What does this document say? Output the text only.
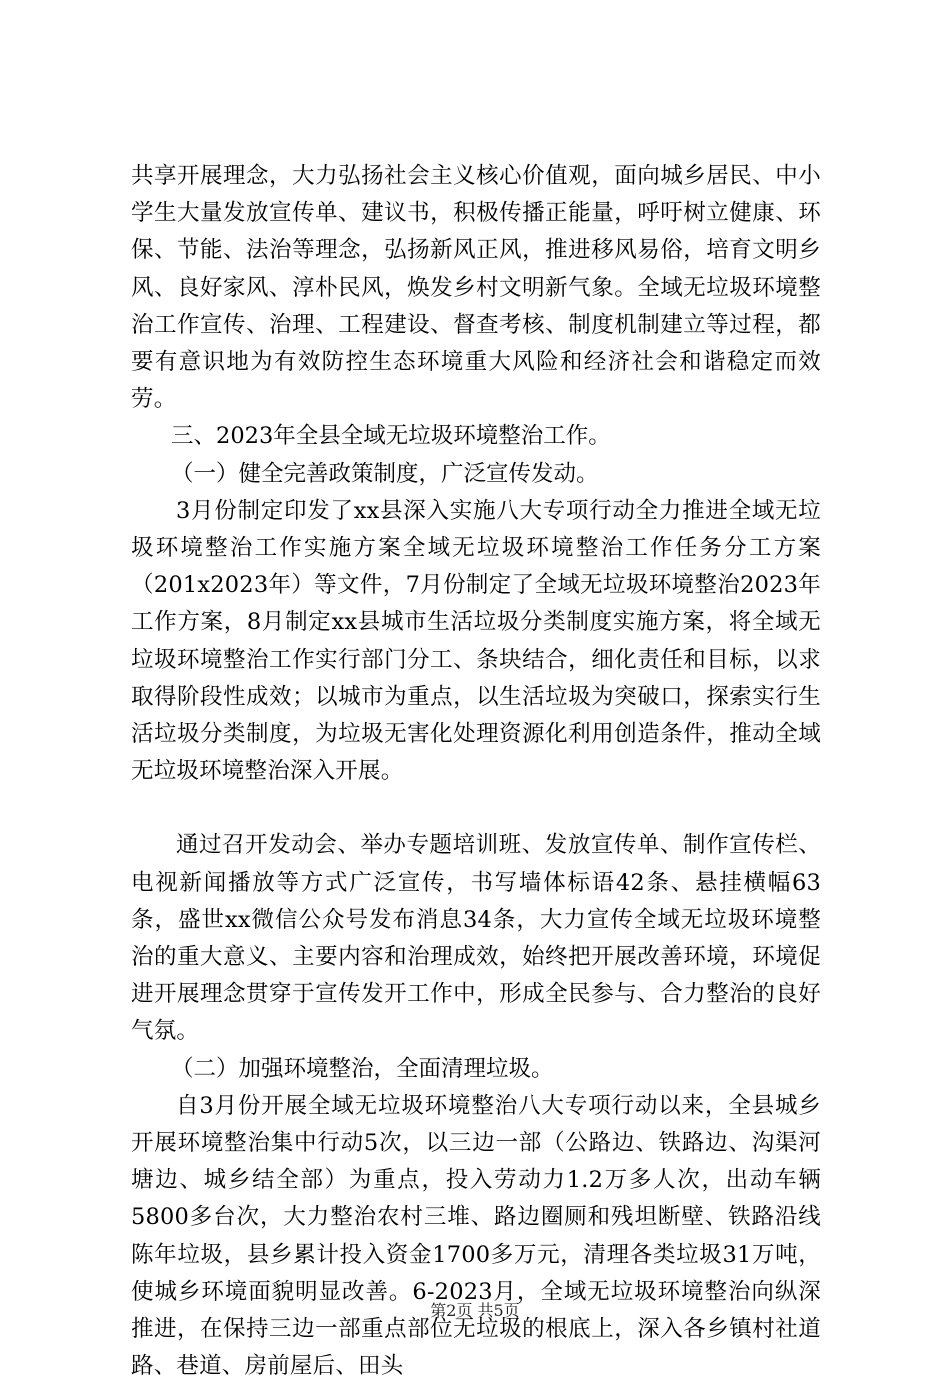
共享开展理念，大力弘扬社会主义核心价值观，面向城乡居民、中小学生大量发放宣传单、建议书，积极传播正能量，呼吁树立健康、环保、节能、法治等理念，弘扬新风正风，推进移风易俗，培育文明乡风、良好家风、淳朴民风，焕发乡村文明新气象。全域无垃圾环境整治工作宣传、治理、工程建设、督查考核、制度机制建立等过程，都要有意识地为有效防控生态环境重大风险和经济社会和谐稳定而效劳。

三、2023年全县全域无垃圾环境整治工作。

（一）健全完善政策制度，广泛宣传发动。

3月份制定印发了xx县深入实施八大专项行动全力推进全域无垃圾环境整治工作实施方案全域无垃圾环境整治工作任务分工方案（201x2023年）等文件，7月份制定了全域无垃圾环境整治2023年工作方案，8月制定xx县城市生活垃圾分类制度实施方案，将全域无垃圾环境整治工作实行部门分工、条块结合，细化责任和目标，以求取得阶段性成效；以城市为重点，以生活垃圾为突破口，探索实行生活垃圾分类制度，为垃圾无害化处理资源化利用创造条件，推动全域无垃圾环境整治深入开展。

通过召开发动会、举办专题培训班、发放宣传单、制作宣传栏、电视新闻播放等方式广泛宣传，书写墙体标语42条、悬挂横幅63条，盛世xx微信公众号发布消息34条，大力宣传全域无垃圾环境整治的重大意义、主要内容和治理成效，始终把开展改善环境，环境促进开展理念贯穿于宣传发开工作中，形成全民参与、合力整治的良好气氛。

（二）加强环境整治，全面清理垃圾。

自3月份开展全域无垃圾环境整治八大专项行动以来，全县城乡开展环境整治集中行动5次，以三边一部（公路边、铁路边、沟渠河塘边、城乡结全部）为重点，投入劳动力1.2万多人次，出动车辆5800多台次，大力整治农村三堆、路边圈厕和残坦断壁、铁路沿线陈年垃圾，县乡累计投入资金1700多万元，清理各类垃圾31万吨，使城乡环境面貌明显改善。6-2023月，全域无垃圾环境整治向纵深推进，在保持三边一部重点部位无垃圾的根底上，深入各乡镇村社道路、巷道、房前屋后、田头

第2页 共5页
